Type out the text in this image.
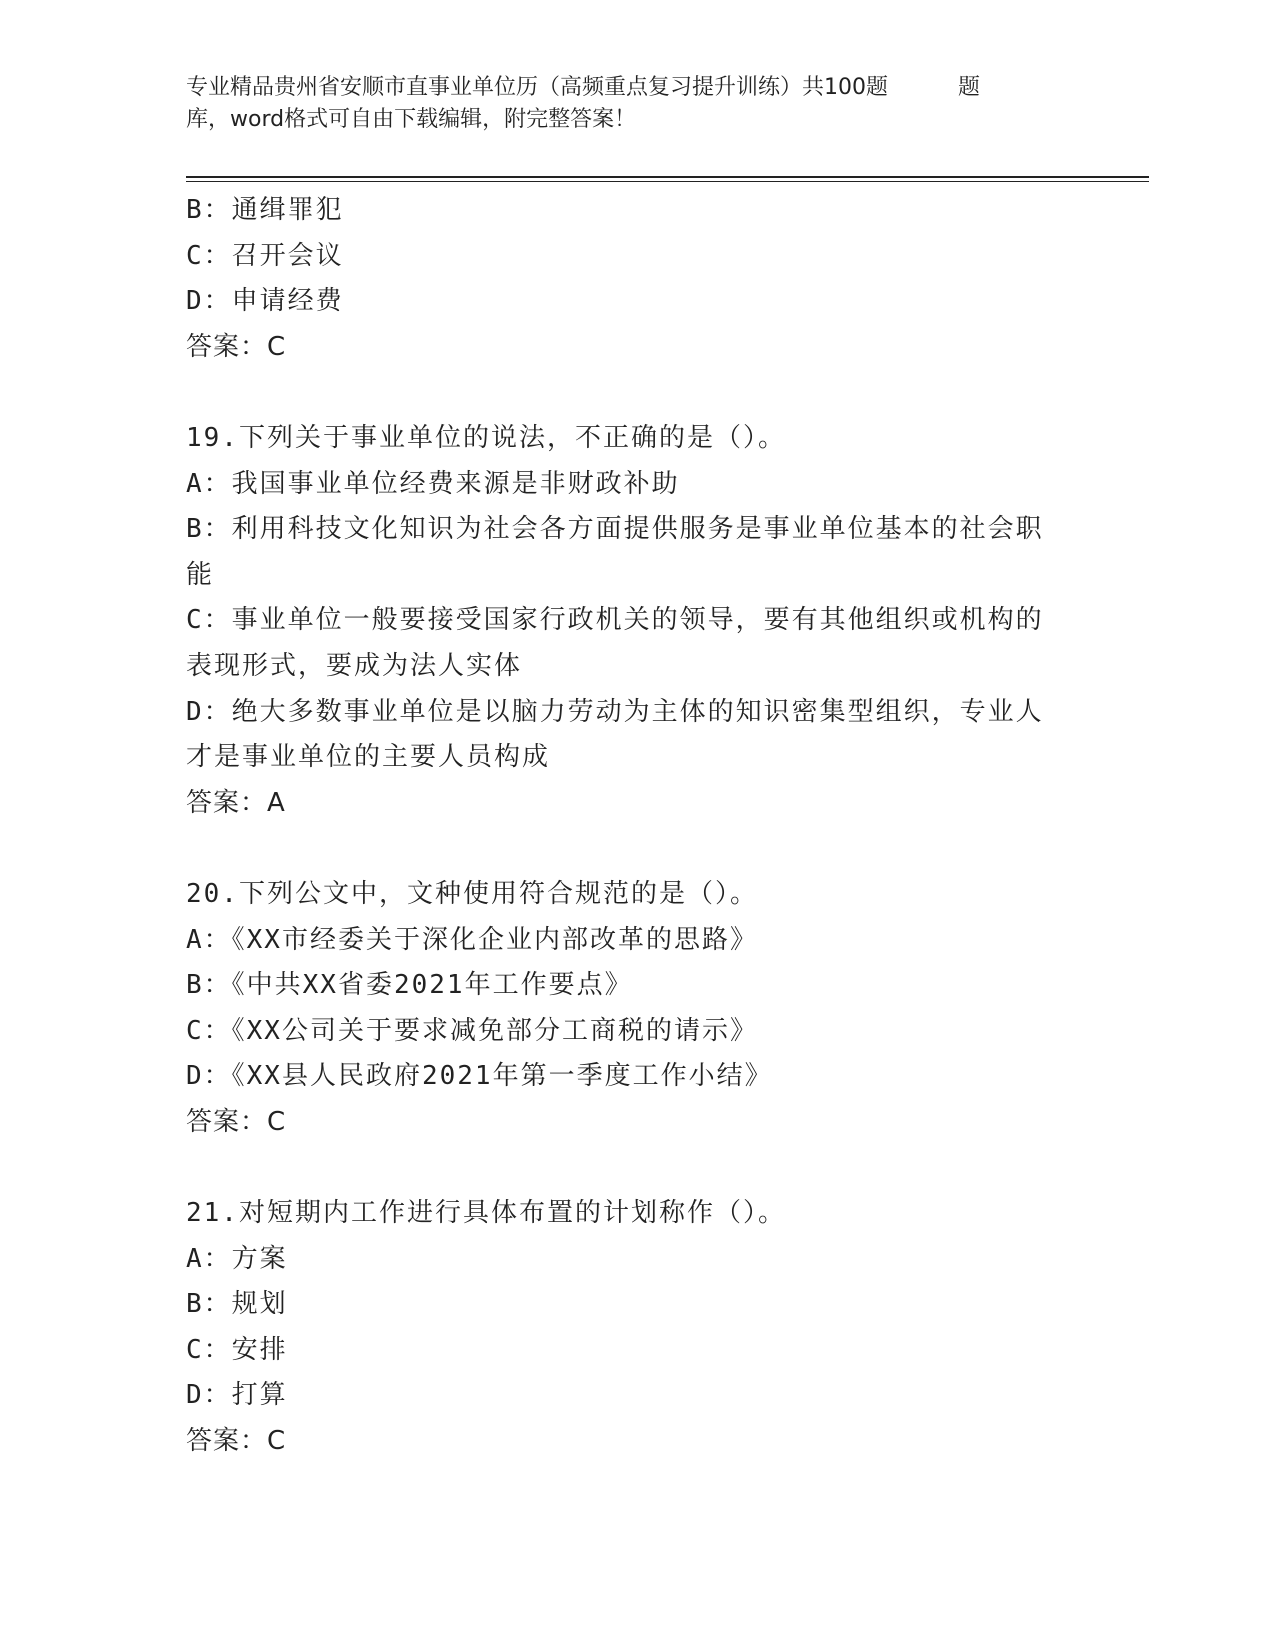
专业精品贵州省安顺市直事业单位历（高频重点复习提升训练）共100题	题
库，word格式可自由下载编辑，附完整答案！

B：通缉罪犯

C：召开会议

D：申请经费

答案：C

19.下列关于事业单位的说法，不正确的是（）。

A：我国事业单位经费来源是非财政补助

B：利用科技文化知识为社会各方面提供服务是事业单位基本的社会职

能

C：事业单位一般要接受国家行政机关的领导，要有其他组织或机构的

表现形式，要成为法人实体

D：绝大多数事业单位是以脑力劳动为主体的知识密集型组织，专业人

才是事业单位的主要人员构成

答案：A

20.下列公文中，文种使用符合规范的是（）。

A：《XX市经委关于深化企业内部改革的思路》

B：《中共XX省委2021年工作要点》

C：《XX公司关于要求减免部分工商税的请示》

D：《XX县人民政府2021年第一季度工作小结》

答案：C

21.对短期内工作进行具体布置的计划称作（）。

A：方案

B：规划

C：安排

D：打算

答案：C
